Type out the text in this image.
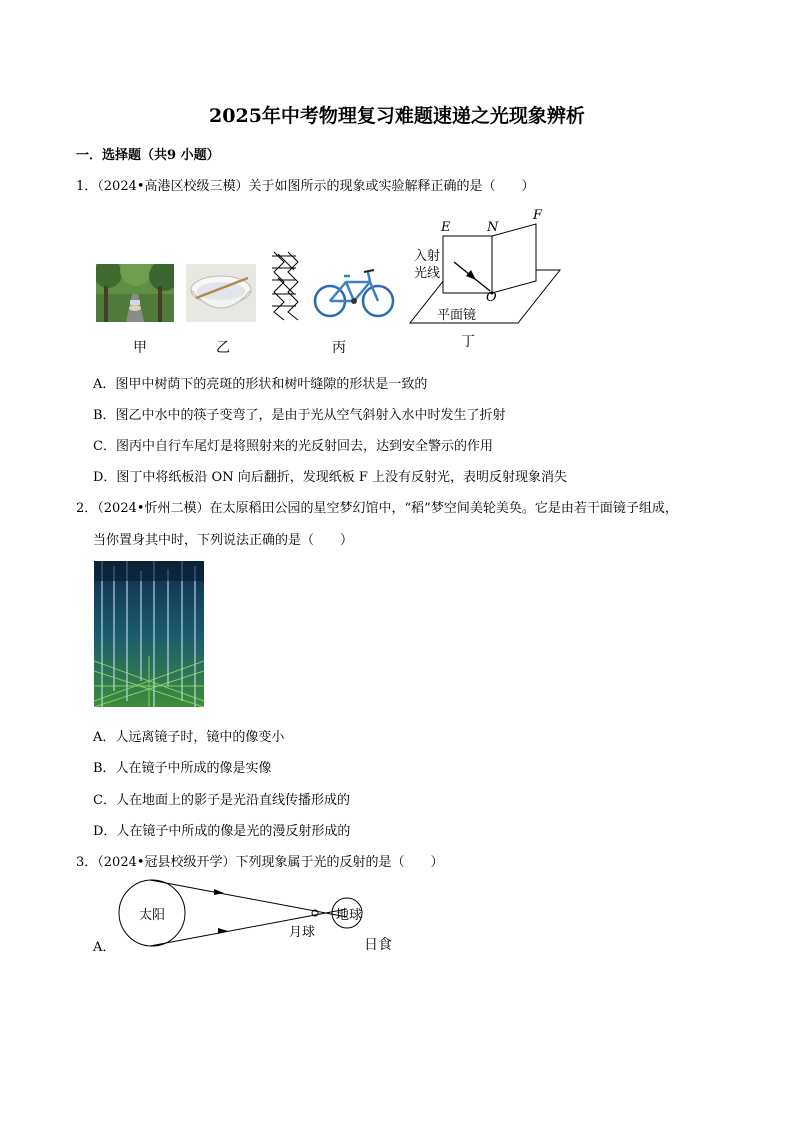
2025年中考物理复习难题速递之光现象辨析
一．选择题（共9 小题）
1．（2024•高港区校级三模）关于如图所示的现象或实验解释正确的是（　　）
E	N
F
O
入射
光线
平面镜
甲	乙	丙	丁
A．图甲中树荫下的亮斑的形状和树叶缝隙的形状是一致的
B．图乙中水中的筷子变弯了，是由于光从空气斜射入水中时发生了折射
C．图丙中自行车尾灯是将照射来的光反射回去，达到安全警示的作用
D．图丁中将纸板沿 ON 向后翻折，发现纸板 F 上没有反射光，表明反射现象消失
2．（2024•忻州二模）在太原稻田公园的星空梦幻馆中，“稻”梦空间美轮美奂。它是由若干面镜子组成，
当你置身其中时，下列说法正确的是（　　）
A．人远离镜子时，镜中的像变小
B．人在镜子中所成的像是实像
C．人在地面上的影子是光沿直线传播形成的
D．人在镜子中所成的像是光的漫反射形成的
3．（2024•冠县校级开学）下列现象属于光的反射的是（　　）
太阳	地球
月球
A．	日食
